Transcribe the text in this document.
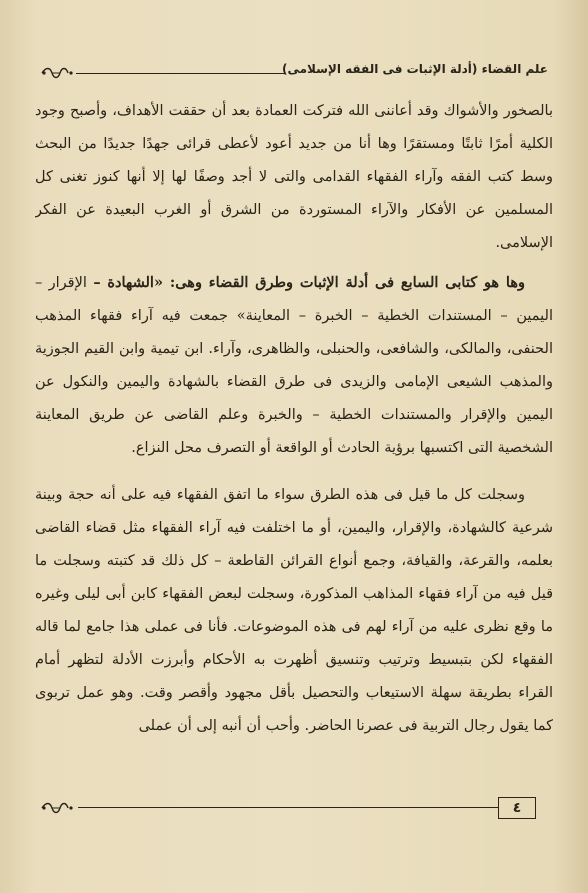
علم القضاء (أدلة الإثبات فى الفقه الإسلامى)

بالصخور والأشواك وقد أعاننى الله فتركت العمادة بعد أن حققت الأهداف، وأصبح وجود الكلية أمرًا ثابتًا ومستقرًا وها أنا من جديد أعود لأعطى قرائى جهدًا جديدًا من البحث وسط كتب الفقه وآراء الفقهاء القدامى والتى لا أجد وصفًا لها إلا أنها كنوز تغنى كل المسلمين عن الأفكار والآراء المستوردة من الشرق أو الغرب البعيدة عن الفكر الإسلامى.

وها هو كتابى السابع فى أدلة الإثبات وطرق القضاء وهى: «الشهادة – الإقرار – اليمين – المستندات الخطية – الخبرة – المعاينة» جمعت فيه آراء فقهاء المذهب الحنفى، والمالكى، والشافعى، والحنبلى، والظاهرى، وآراء. ابن تيمية وابن القيم الجوزية والمذهب الشيعى الإمامى والزيدى فى طرق القضاء بالشهادة واليمين والنكول عن اليمين والإقرار والمستندات الخطية – والخبرة وعلم القاضى عن طريق المعاينة الشخصية التى اكتسبها برؤية الحادث أو الواقعة أو التصرف محل النزاع.

وسجلت كل ما قيل فى هذه الطرق سواء ما اتفق الفقهاء فيه على أنه حجة وبينة شرعية كالشهادة، والإقرار، واليمين، أو ما اختلفت فيه آراء الفقهاء مثل قضاء القاضى بعلمه، والقرعة، والقيافة، وجمع أنواع القرائن القاطعة – كل ذلك قد كتبته وسجلت ما قيل فيه من آراء فقهاء المذاهب المذكورة، وسجلت لبعض الفقهاء كابن أبى ليلى وغيره ما وقع نظرى عليه من آراء لهم فى هذه الموضوعات. فأنا فى عملى هذا جامع لما قاله الفقهاء لكن بتبسيط وترتيب وتنسيق أظهرت به الأحكام وأبرزت الأدلة لتظهر أمام القراء بطريقة سهلة الاستيعاب والتحصيل بأقل مجهود وأقصر وقت. وهو عمل تربوى كما يقول رجال التربية فى عصرنا الحاضر. وأحب أن أنبه إلى أن عملى

٤
